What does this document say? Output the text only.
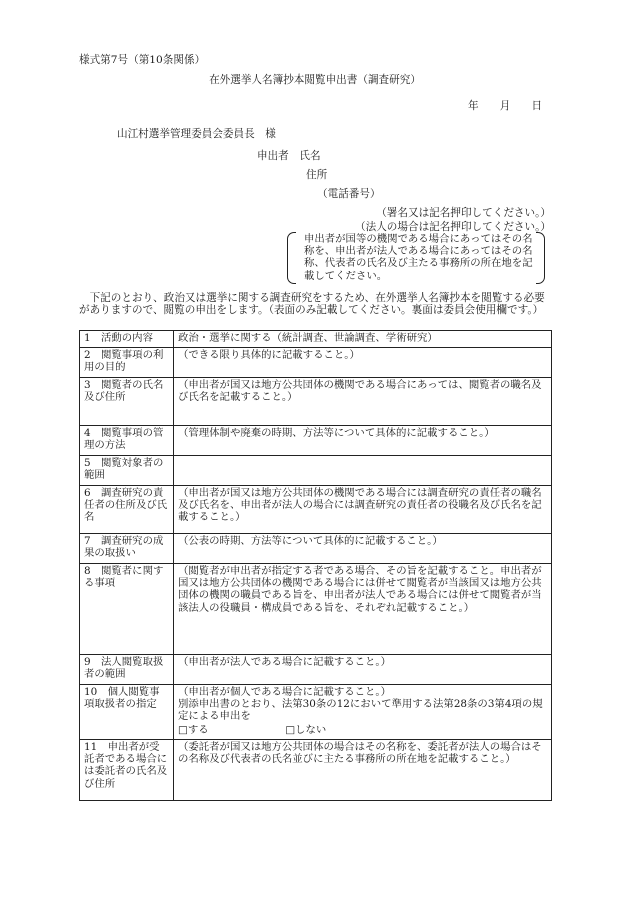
様式第7号（第10条関係）
在外選挙人名簿抄本閲覧申出書（調査研究）
年　　月　　日
山江村選挙管理委員会委員長　様
申出者　氏名
住所
（電話番号）
（署名又は記名押印してください。）
（法人の場合は記名押印してください。）
申出者が国等の機関である場合にあってはその名称を、申出者が法人である場合にあってはその名称、代表者の氏名及び主たる事務所の所在地を記載してください。
　下記のとおり、政治又は選挙に関する調査研究をするため、在外選挙人名簿抄本を閲覧する必要がありますので、閲覧の申出をします。（表面のみ記載してください。裏面は委員会使用欄です。）
1　活動の内容	政治・選挙に関する（統計調査、世論調査、学術研究）

2　閲覧事項の利用の目的	（できる限り具体的に記載すること。）

3　閲覧者の氏名及び住所	（申出者が国又は地方公共団体の機関である場合にあっては、閲覧者の職名及び氏名を記載すること。）

4　閲覧事項の管理の方法	（管理体制や廃棄の時期、方法等について具体的に記載すること。）

5　閲覧対象者の範囲	

6　調査研究の責任者の住所及び氏名	（申出者が国又は地方公共団体の機関である場合には調査研究の責任者の職名及び氏名を、申出者が法人の場合には調査研究の責任者の役職名及び氏名を記載すること。）

7　調査研究の成果の取扱い	（公表の時期、方法等について具体的に記載すること。）

8　閲覧者に関する事項	（閲覧者が申出者が指定する者である場合、その旨を記載すること。申出者が国又は地方公共団体の機関である場合には併せて閲覧者が当該国又は地方公共団体の機関の職員である旨を、申出者が法人である場合には併せて閲覧者が当該法人の役職員・構成員である旨を、それぞれ記載すること。）

9　法人閲覧取扱者の範囲	（申出者が法人である場合に記載すること。）

10　個人閲覧事項取扱者の指定	（申出者が個人である場合に記載すること。）
別添申出書のとおり、法第30条の12において準用する法第28条の3第4項の規定による申出を
□する □しない

11　申出者が受託者である場合には委託者の氏名及び住所	（委託者が国又は地方公共団体の場合はその名称を、委託者が法人の場合はその名称及び代表者の氏名並びに主たる事務所の所在地を記載すること。）
